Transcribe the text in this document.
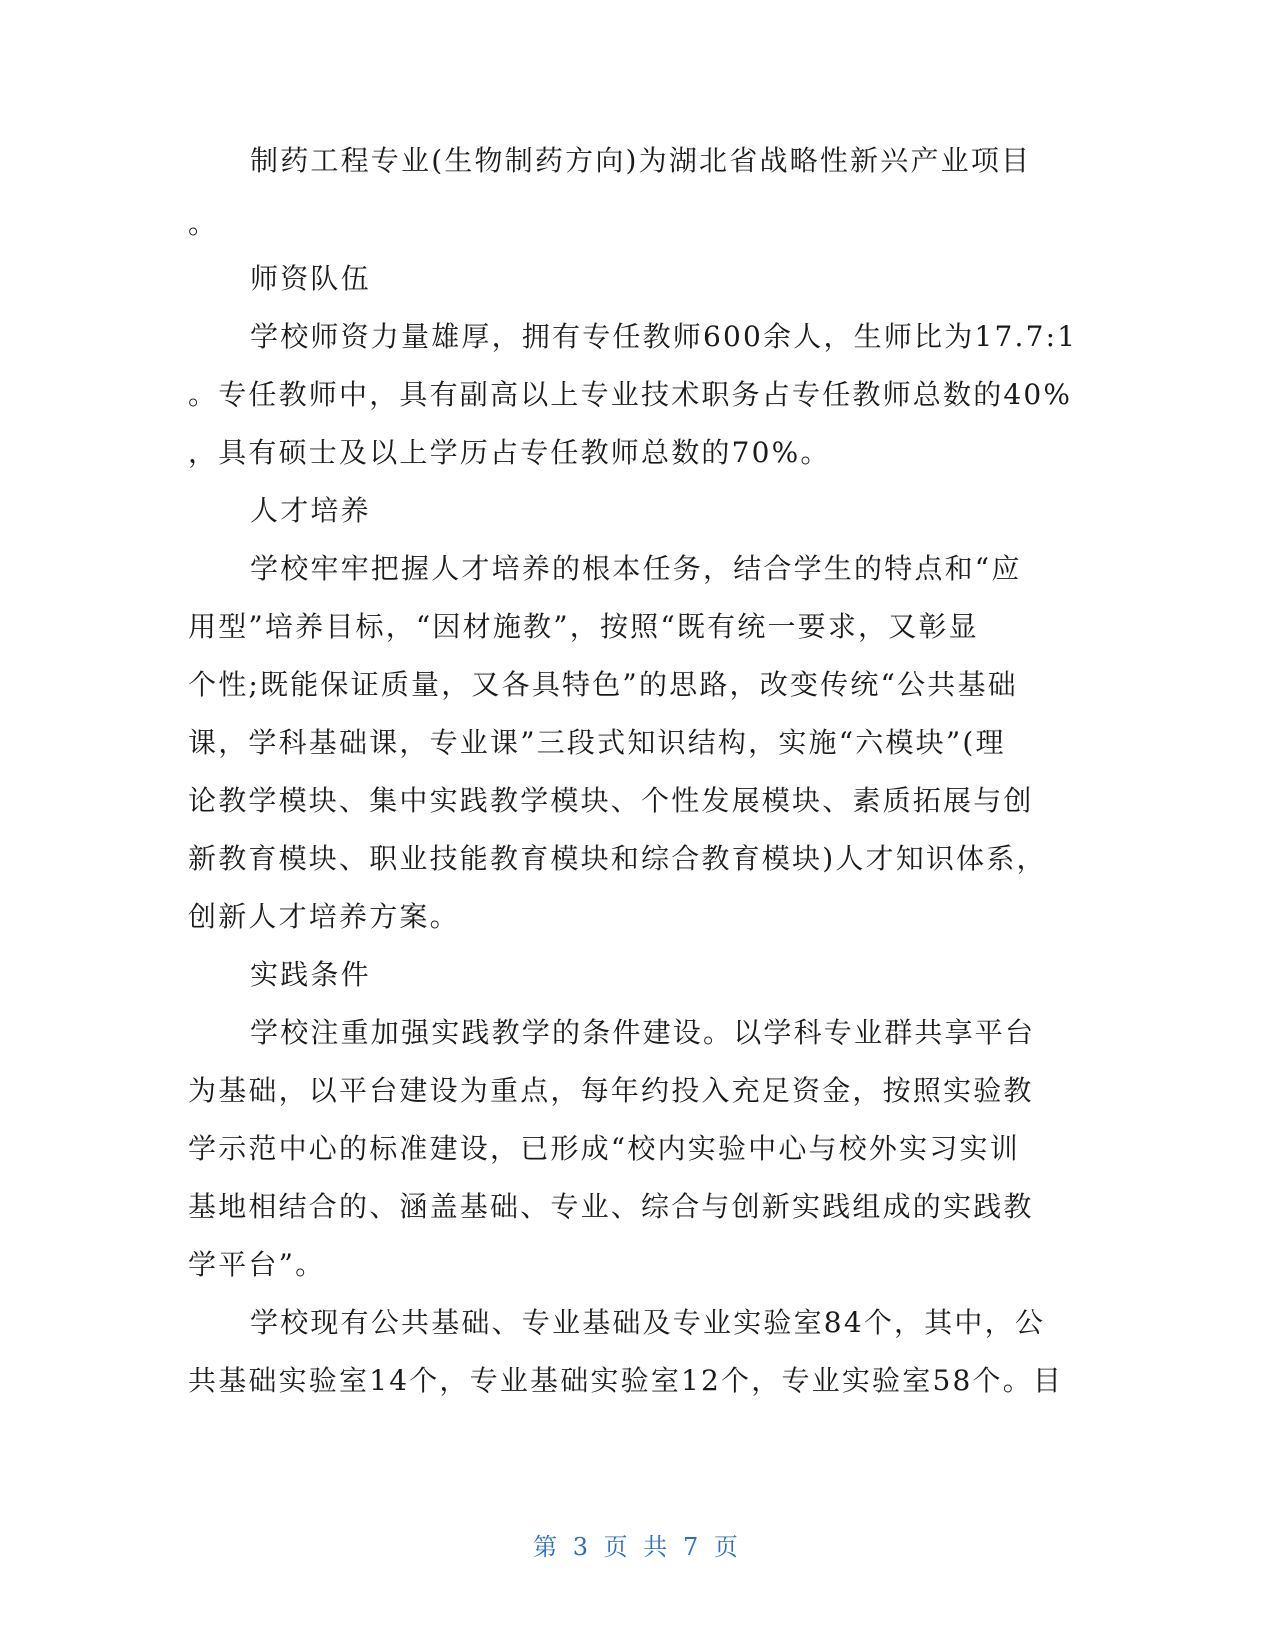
制药工程专业(生物制药方向)为湖北省战略性新兴产业项目
。
师资队伍
学校师资力量雄厚，拥有专任教师600余人，生师比为17.7:1
。专任教师中，具有副高以上专业技术职务占专任教师总数的40%
，具有硕士及以上学历占专任教师总数的70%。
人才培养
学校牢牢把握人才培养的根本任务，结合学生的特点和“应
用型”培养目标，“因材施教”，按照“既有统一要求，又彰显
个性;既能保证质量，又各具特色”的思路，改变传统“公共基础
课，学科基础课，专业课”三段式知识结构，实施“六模块”(理
论教学模块、集中实践教学模块、个性发展模块、素质拓展与创
新教育模块、职业技能教育模块和综合教育模块)人才知识体系，
创新人才培养方案。
实践条件
学校注重加强实践教学的条件建设。以学科专业群共享平台
为基础，以平台建设为重点，每年约投入充足资金，按照实验教
学示范中心的标准建设，已形成“校内实验中心与校外实习实训
基地相结合的、涵盖基础、专业、综合与创新实践组成的实践教
学平台”。
学校现有公共基础、专业基础及专业实验室84个，其中，公
共基础实验室14个，专业基础实验室12个，专业实验室58个。目
第 3 页 共 7 页
